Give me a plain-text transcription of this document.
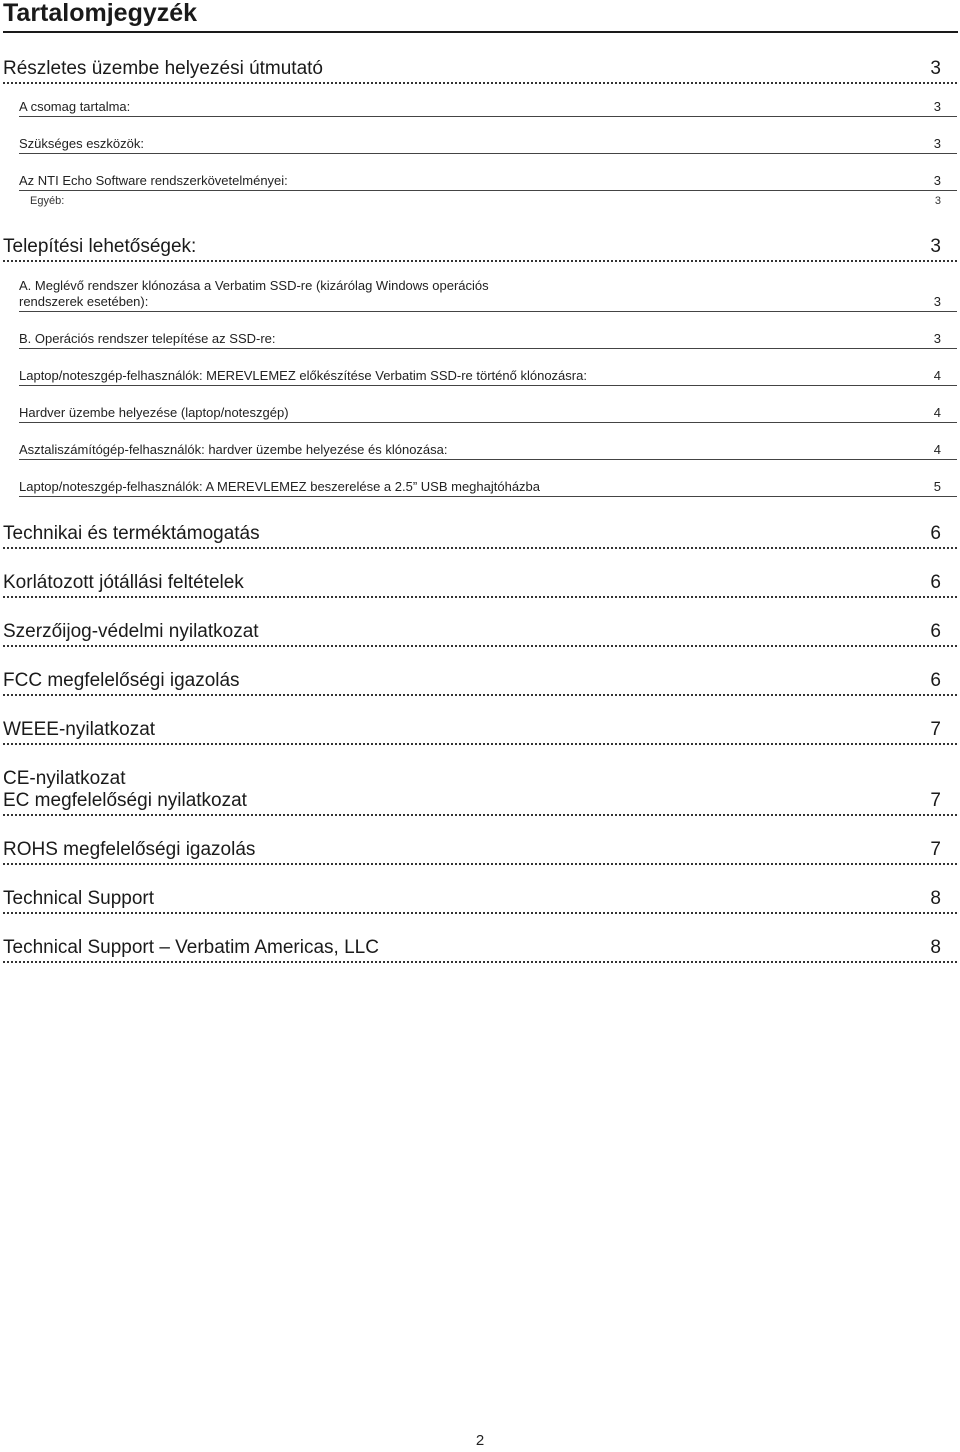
Tartalomjegyzék
Részletes üzembe helyezési útmutató	3
A csomag tartalma:	3
Szükséges eszközök:	3
Az NTI Echo Software rendszerkövetelményei:	3
Egyéb:	3
Telepítési lehetőségek:	3
A. Meglévő rendszer klónozása a Verbatim SSD-re (kizárólag Windows operációs
rendszerek esetében):	3
B. Operációs rendszer telepítése az SSD-re:	3
Laptop/noteszgép-felhasználók: MEREVLEMEZ előkészítése Verbatim SSD-re történő klónozásra:	4
Hardver üzembe helyezése (laptop/noteszgép)	4
Asztaliszámítógép-felhasználók: hardver üzembe helyezése és klónozása:	4
Laptop/noteszgép-felhasználók: A MEREVLEMEZ beszerelése a 2.5” USB meghajtóházba	5
Technikai és terméktámogatás	6
Korlátozott jótállási feltételek	6
Szerzőijog-védelmi nyilatkozat	6
FCC megfelelőségi igazolás	6
WEEE-nyilatkozat	7
CE-nyilatkozat
EC megfelelőségi nyilatkozat	7
ROHS megfelelőségi igazolás	7
Technical Support	8
Technical Support – Verbatim Americas, LLC	8
2
